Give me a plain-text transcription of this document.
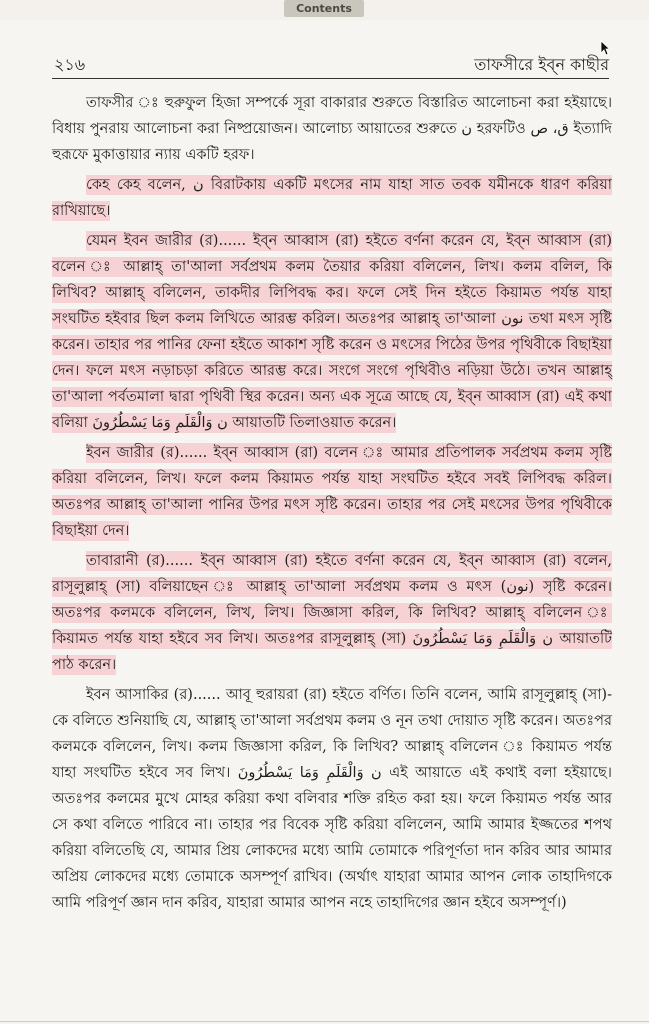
Contents
২১৬	তাফসীরে ইব্‌ন কাছীর

তাফসীর ঃ হুরুফুল হিজা সম্পর্কে সূরা বাকারার শুরুতে বিস্তারিত আলোচনা করা হইয়াছে। বিধায় পুনরায় আলোচনা করা নিষ্প্রয়োজন। আলোচ্য আয়াতের শুরুতে ن হরফটিও ق، ص ইত্যাদি হুরূফে মুকাত্তায়ার ন্যায় একটি হরফ।

কেহ কেহ বলেন, ن বিরাটকায় একটি মৎসের নাম যাহা সাত তবক যমীনকে ধারণ করিয়া রাখিয়াছে।

যেমন ইবন জারীর (র)...... ইব্‌ন আব্বাস (রা) হইতে বর্ণনা করেন যে, ইব্‌ন আব্বাস (রা) বলেন ঃ আল্লাহ্ তা'আলা সর্বপ্রথম কলম তৈয়ার করিয়া বলিলেন, লিখ। কলম বলিল, কি লিখিব? আল্লাহ্ বলিলেন, তাকদীর লিপিবদ্ধ কর। ফলে সেই দিন হইতে কিয়ামত পর্যন্ত যাহা সংঘটিত হইবার ছিল কলম লিখিতে আরম্ভ করিল। অতঃপর আল্লাহ্ তা'আলা نون তথা মৎস সৃষ্টি করেন। তাহার পর পানির ফেনা হইতে আকাশ সৃষ্টি করেন ও মৎসের পিঠের উপর পৃথিবীকে বিছাইয়া দেন। ফলে মৎস নড়াচড়া করিতে আরম্ভ করে। সংগে সংগে পৃথিবীও নড়িয়া উঠে। তখন আল্লাহ্ তা'আলা পর্বতমালা দ্বারা পৃথিবী স্থির করেন। অন্য এক সূত্রে আছে যে, ইব্‌ন আব্বাস (রা) এই কথা বলিয়া ن وَالْقَلَمِ وَمَا يَسْطُرُونَ আয়াতটি তিলাওয়াত করেন।

ইবন জারীর (র)...... ইব্‌ন আব্বাস (রা) বলেন ঃ আমার প্রতিপালক সর্বপ্রথম কলম সৃষ্টি করিয়া বলিলেন, লিখ। ফলে কলম কিয়ামত পর্যন্ত যাহা সংঘটিত হইবে সবই লিপিবদ্ধ করিল। অতঃপর আল্লাহ্ তা'আলা পানির উপর মৎস সৃষ্টি করেন। তাহার পর সেই মৎসের উপর পৃথিবীকে বিছাইয়া দেন।

তাবারানী (র)...... ইব্‌ন আব্বাস (রা) হইতে বর্ণনা করেন যে, ইব্‌ন আব্বাস (রা) বলেন, রাসূলুল্লাহ্ (সা) বলিয়াছেন ঃ আল্লাহ্ তা'আলা সর্বপ্রথম কলম ও মৎস (نون) সৃষ্টি করেন। অতঃপর কলমকে বলিলেন, লিখ, লিখ। জিজ্ঞাসা করিল, কি লিখিব? আল্লাহ্ বলিলেন ঃ কিয়ামত পর্যন্ত যাহা হইবে সব লিখ। অতঃপর রাসূলুল্লাহ্ (সা) ن وَالْقَلَمِ وَمَا يَسْطُرُونَ আয়াতটি পাঠ করেন।

ইবন আসাকির (র)...... আবূ হুরায়রা (রা) হইতে বর্ণিত। তিনি বলেন, আমি রাসূলুল্লাহ্ (সা)-কে বলিতে শুনিয়াছি যে, আল্লাহ্ তা'আলা সর্বপ্রথম কলম ও নূন তথা দোয়াত সৃষ্টি করেন। অতঃপর কলমকে বলিলেন, লিখ। কলম জিজ্ঞাসা করিল, কি লিখিব? আল্লাহ্ বলিলেন ঃ কিয়ামত পর্যন্ত যাহা সংঘটিত হইবে সব লিখ। ن وَالْقَلَمِ وَمَا يَسْطُرُونَ এই আয়াতে এই কথাই বলা হইয়াছে। অতঃপর কলমের মুখে মোহর করিয়া কথা বলিবার শক্তি রহিত করা হয়। ফলে কিয়ামত পর্যন্ত আর সে কথা বলিতে পারিবে না। তাহার পর বিবেক সৃষ্টি করিয়া বলিলেন, আমি আমার ইজ্জতের শপথ করিয়া বলিতেছি যে, আমার প্রিয় লোকদের মধ্যে আমি তোমাকে পরিপূর্ণতা দান করিব আর আমার অপ্রিয় লোকদের মধ্যে তোমাকে অসম্পূর্ণ রাখিব। (অর্থাৎ যাহারা আমার আপন লোক তাহাদিগকে আমি পরিপূর্ণ জ্ঞান দান করিব, যাহারা আমার আপন নহে তাহাদিগের জ্ঞান হইবে অসম্পূর্ণ।)
